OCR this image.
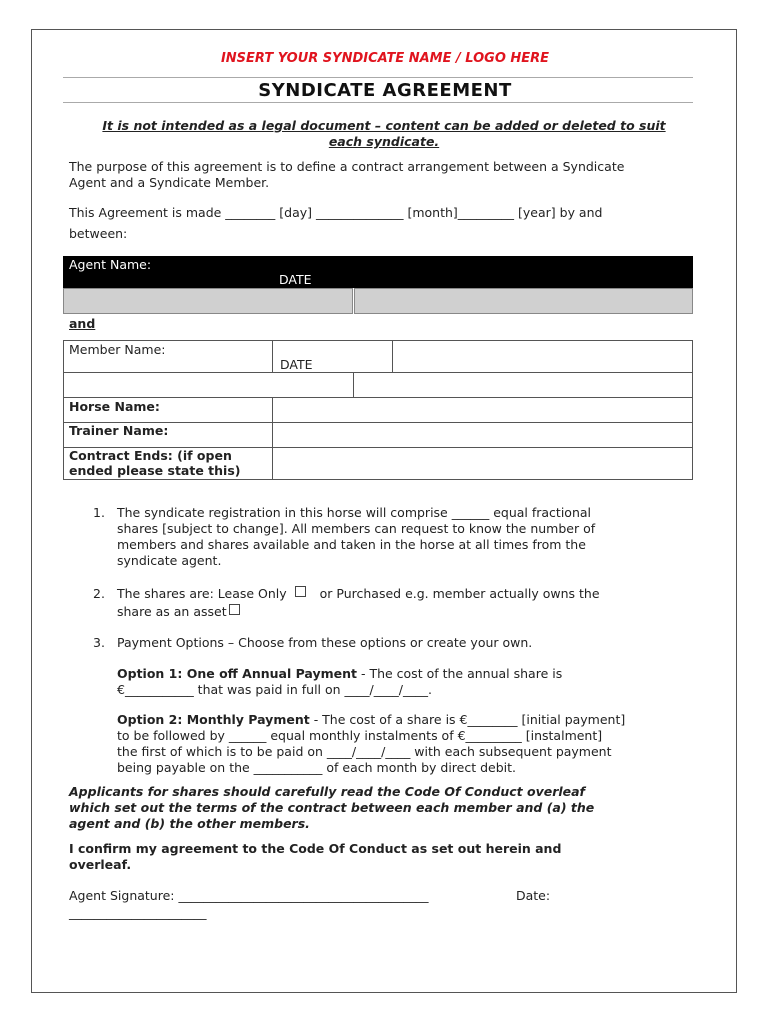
INSERT YOUR SYNDICATE NAME / LOGO HERE
SYNDICATE AGREEMENT
It is not intended as a legal document – content can be added or deleted to suit
each syndicate.
The purpose of this agreement is to define a contract arrangement between a Syndicate
Agent and a Syndicate Member.
This Agreement is made ________ [day] ______________ [month]_________ [year] by and
between:
Agent Name:
DATE
and
Member Name:
DATE
Horse Name:
Trainer Name:
Contract Ends: (if open
ended please state this)
1. The syndicate registration in this horse will comprise ______ equal fractional
shares [subject to change]. All members can request to know the number of
members and shares available and taken in the horse at all times from the
syndicate agent.
2. The shares are: Lease Only	or Purchased e.g. member actually owns the
share as an asset
3. Payment Options – Choose from these options or create your own.
Option 1: One off Annual Payment - The cost of the annual share is
€___________ that was paid in full on ____/____/____.
Option 2: Monthly Payment - The cost of a share is €________ [initial payment]
to be followed by ______ equal monthly instalments of €_________ [instalment]
the first of which is to be paid on ____/____/____ with each subsequent payment
being payable on the ___________ of each month by direct debit.
Applicants for shares should carefully read the Code Of Conduct overleaf
which set out the terms of the contract between each member and (a) the
agent and (b) the other members.
I confirm my agreement to the Code Of Conduct as set out herein and
overleaf.
Agent Signature: ________________________________________	Date:
______________________
